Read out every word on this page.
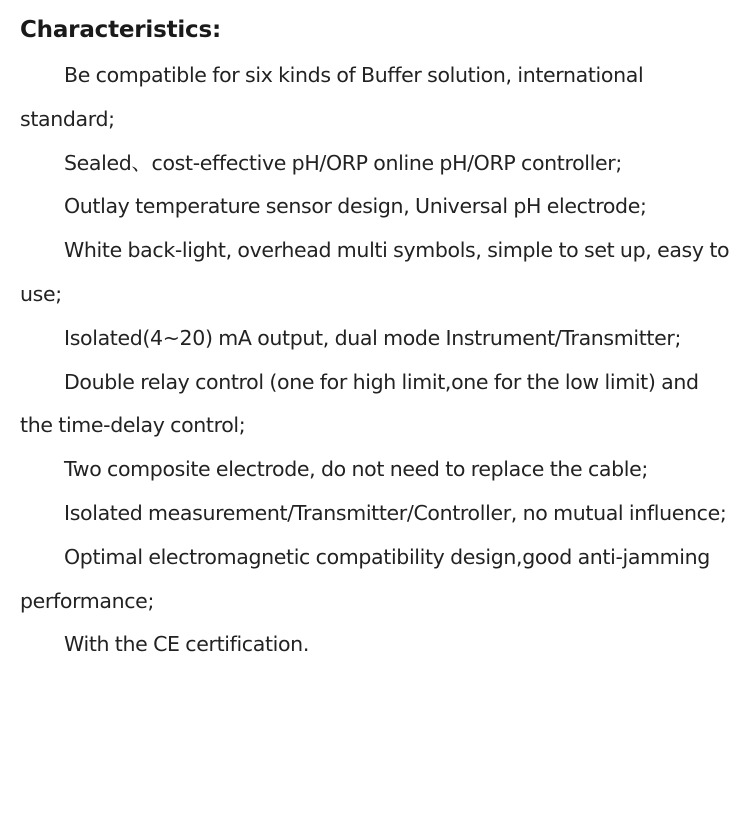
Characteristics:

Be compatible for six kinds of Buffer solution, international standard;

Sealed、cost-effective pH/ORP online pH/ORP controller;

Outlay temperature sensor design, Universal pH electrode;

White back-light, overhead multi symbols, simple to set up, easy to use;

Isolated(4~20) mA output, dual mode Instrument/Transmitter;

Double relay control (one for high limit,one for the low limit) and the time-delay control;

Two composite electrode, do not need to replace the cable;

Isolated measurement/Transmitter/Controller, no mutual influence;

Optimal electromagnetic compatibility design,good anti-jamming performance;

With the CE certification.
